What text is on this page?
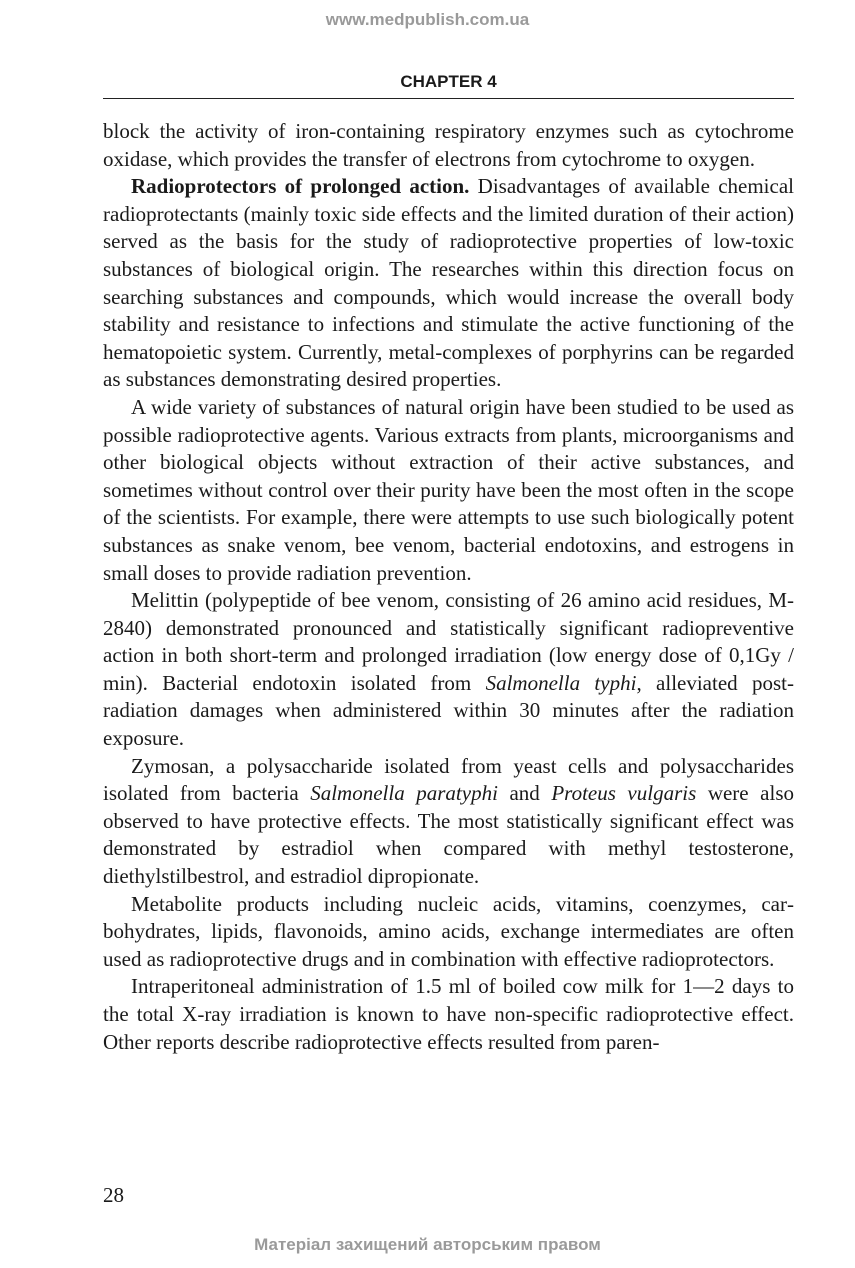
www.medpublish.com.ua
CHAPTER 4

block the activity of iron-containing respiratory enzymes such as cytochrome oxidase, which provides the transfer of electrons from cytochrome to oxygen.

Radioprotectors of prolonged action. Disadvantages of available chemical radioprotectants (mainly toxic side effects and the limited duration of their action) served as the basis for the study of radioprotective properties of low-toxic substances of biological origin. The researches within this direction focus on searching substances and compounds, which would increase the overall body stability and resistance to infections and stimulate the active functioning of the hematopoietic system. Currently, metal-complexes of porphyrins can be regarded as substances demonstrating desired properties.

A wide variety of substances of natural origin have been studied to be used as possible radioprotective agents. Various extracts from plants, microorganisms and other biological objects without extraction of their active substances, and sometimes without control over their purity have been the most often in the scope of the scientists. For example, there were attempts to use such biologically potent substances as snake venom, bee venom, bacterial endotoxins, and estrogens in small doses to provide radiation prevention.

Melittin (polypeptide of bee venom, consisting of 26 amino acid residues, M-2840) demonstrated pronounced and statistically significant radiopreventive action in both short-term and prolonged irradiation (low energy dose of 0,1Gy / min). Bacterial endotoxin isolated from Salmonella typhi, alleviated post-radiation damages when administered within 30 minutes after the radiation exposure.

Zymosan, a polysaccharide isolated from yeast cells and polysaccharides isolated from bacteria Salmonella paratyphi and Proteus vulgaris were also observed to have protective effects. The most statistically significant effect was demonstrated by estradiol when compared with methyl testosterone, diethylstilbestrol, and estradiol dipropionate.

Metabolite products including nucleic acids, vitamins, coenzymes, carbohydrates, lipids, flavonoids, amino acids, exchange intermediates are often used as radioprotective drugs and in combination with effective radioprotectors.

Intraperitoneal administration of 1.5 ml of boiled cow milk for 1—2 days to the total X-ray irradiation is known to have non-specific radioprotective effect. Other reports describe radioprotective effects resulted from paren-

28
Матеріал захищений авторським правом
